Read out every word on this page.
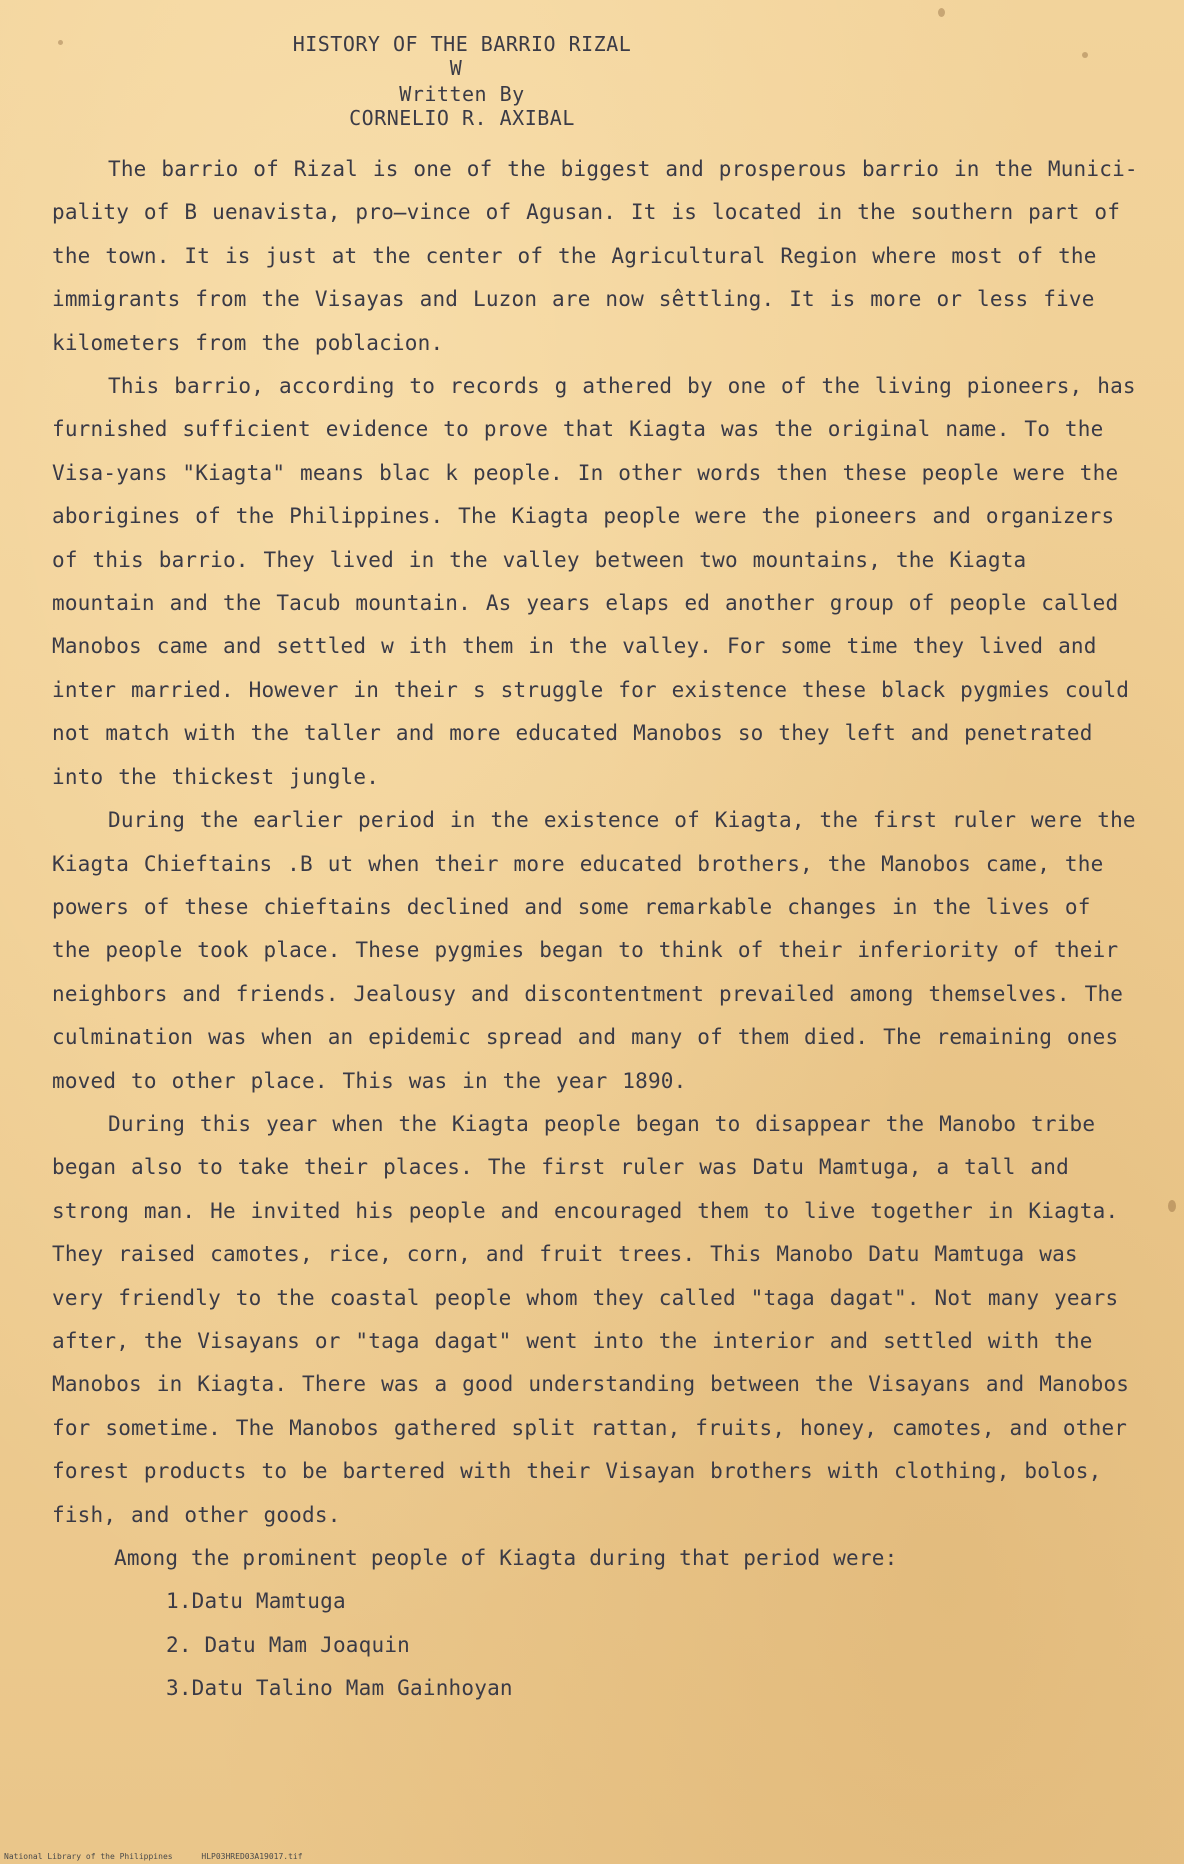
HISTORY OF THE BARRIO RIZAL
W
Written By
CORNELIO R. AXIBAL

The barrio of Rizal is one of the biggest and prosperous barrio in the Munici-pality of B uenavista, pro̶vince of Agusan. It is located in the southern part of the town. It is just at the center of the Agricultural Region where most of the immigrants from the Visayas and Luzon are now sêttling. It is more or less five kilometers from the poblacion.

This barrio, according to records g athered by one of the living pioneers, has furnished sufficient evidence to prove that Kiagta was the original name. To the Visa-yans "Kiagta" means blac k people. In other words then these people were the aborigines of the Philippines. The Kiagta people were the pioneers and organizers of this barrio. They lived in the valley between two mountains, the Kiagta mountain and the Tacub mountain. As years elaps ed another group of people called Manobos came and settled w ith them in the valley. For some time they lived and inter married. However in their s struggle for existence these black pygmies could not match with the taller and more educated Manobos so they left and penetrated into the thickest jungle.

During the earlier period in the existence of Kiagta, the first ruler were the Kiagta Chieftains .B ut when their more educated brothers, the Manobos came, the powers of these chieftains declined and some remarkable changes in the lives of the people took place. These pygmies began to think of their inferiority of their neighbors and friends. Jealousy and discontentment prevailed among themselves. The culmination was when an epidemic spread and many of them died. The remaining ones moved to other place. This was in the year 1890.

During this year when the Kiagta people began to disappear the Manobo tribe began also to take their places. The first ruler was Datu Mamtuga, a tall and strong man. He invited his people and encouraged them to live together in Kiagta. They raised camotes, rice, corn, and fruit trees. This Manobo Datu Mamtuga was very friendly to the coastal people whom they called "taga dagat". Not many years after, the Visayans or "taga dagat" went into the interior and settled with the Manobos in Kiagta. There was a good understanding between the Visayans and Manobos for sometime. The Manobos gathered split rattan, fruits, honey, camotes, and other forest products to be bartered with their Visayan brothers with clothing, bolos, fish, and other goods.

Among the prominent people of Kiagta during that period were:

1.Datu Mamtuga
2. Datu Mam Joaquin
3.Datu Talino Mam Gainhoyan
National Library of the Philippines	HLP03HRED03A19017.tif
